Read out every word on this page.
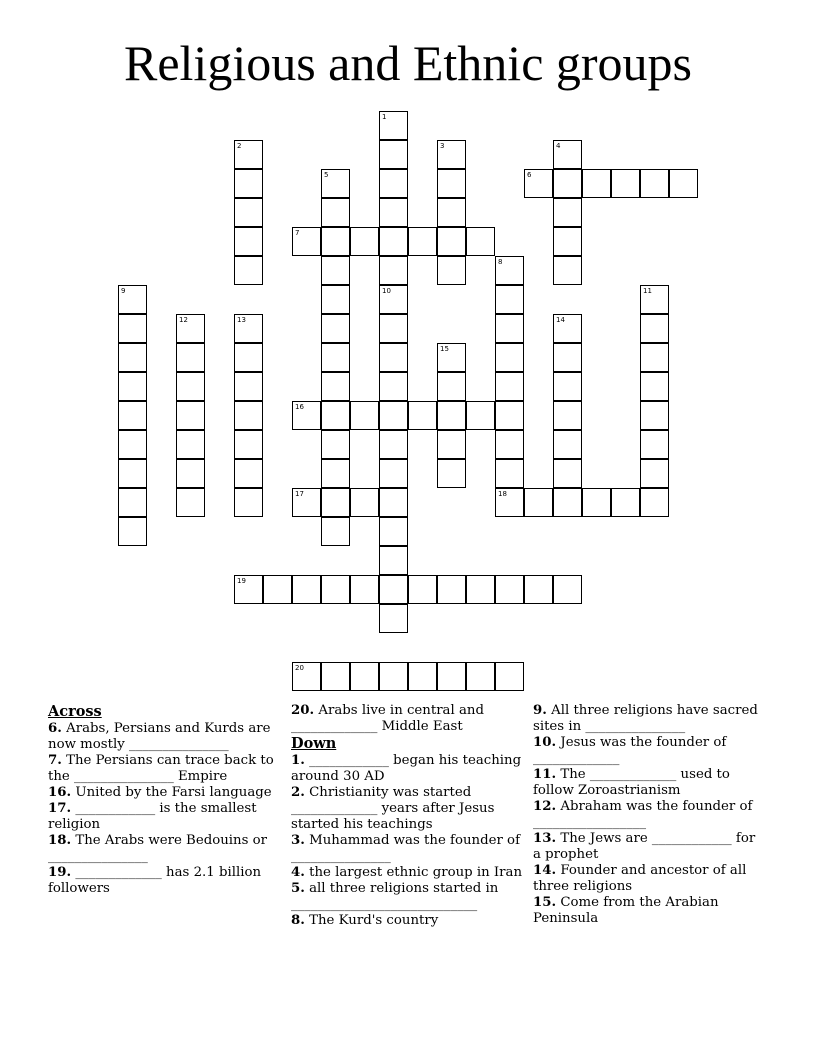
Religious and Ethnic groups
1
10
2	3	4
5	6
7
8
18
9	11
12	13	14
15
16
17
19
20
Across

6. Arabs, Persians and Kurds are now mostly _______________

7. The Persians can trace back to the _______________ Empire

16. United by the Farsi language

17. ____________ is the smallest religion

18. The Arabs were Bedouins or _______________

19. _____________ has 2.1 billion followers

20. Arabs live in central and _____________ Middle East

Down

1. ____________ began his teaching around 30 AD

2. Christianity was started _____________ years after Jesus started his teachings

3. Muhammad was the founder of _______________

4. the largest ethnic group in Iran

5. all three religions started in ____________________________

8. The Kurd's country

9. All three religions have sacred sites in _______________

10. Jesus was the founder of _____________

11. The _____________ used to follow Zoroastrianism

12. Abraham was the founder of _________________

13. The Jews are ____________ for a prophet

14. Founder and ancestor of all three religions

15. Come from the Arabian Peninsula
